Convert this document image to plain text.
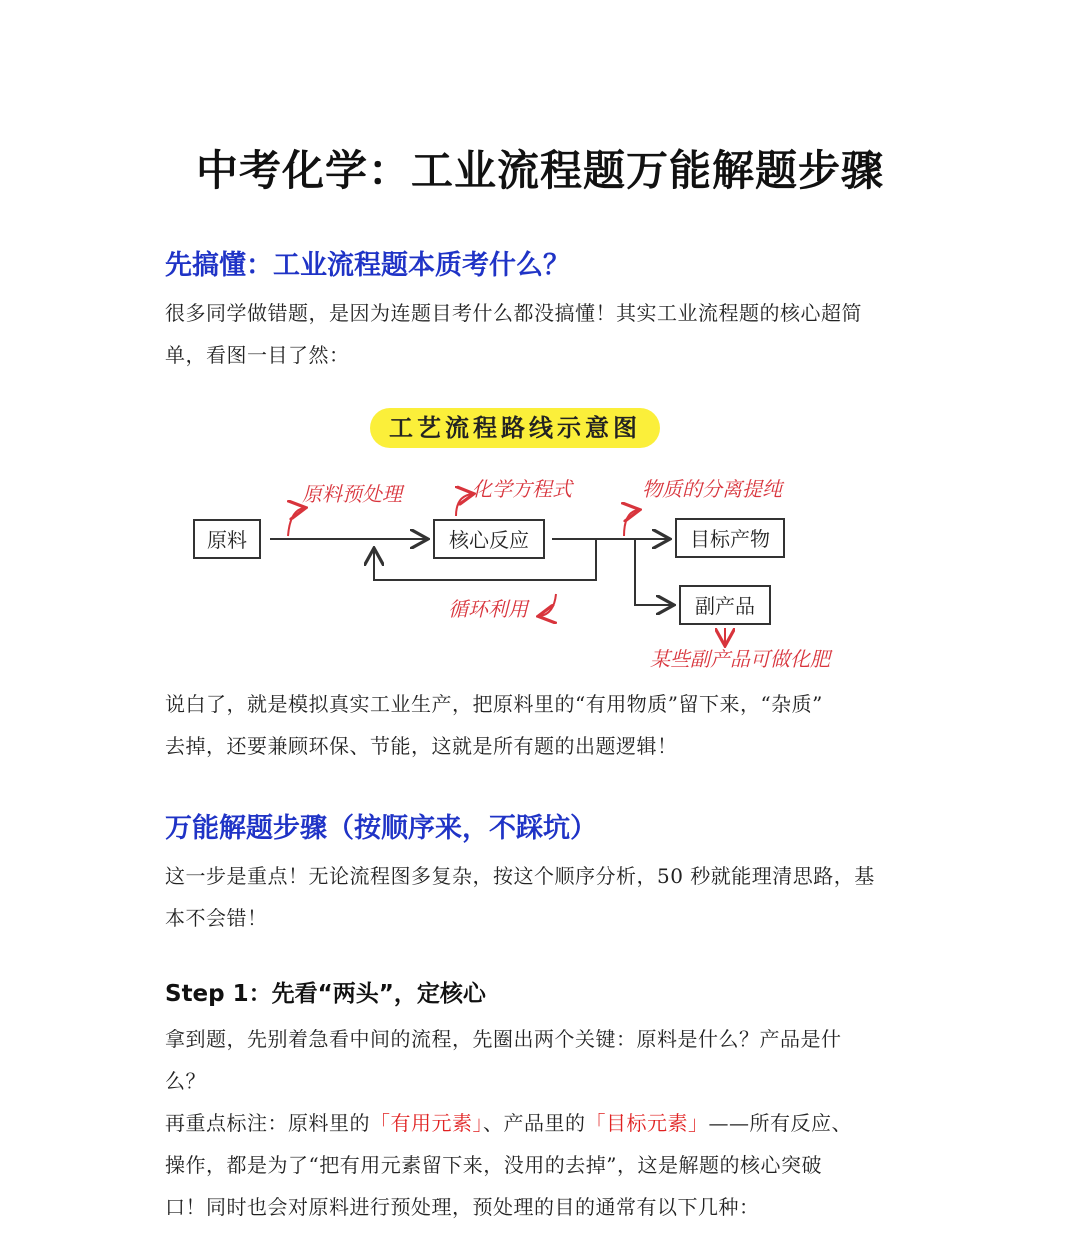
中考化学：工业流程题万能解题步骤
先搞懂：工业流程题本质考什么？
很多同学做错题，是因为连题目考什么都没搞懂！其实工业流程题的核心超简
单，看图一目了然：
工艺流程路线示意图
原料	核心反应	目标产物
副产品
原料预处理	化学方程式	物质的分离提纯
循环利用
某些副产品可做化肥
说白了，就是模拟真实工业生产，把原料里的“有用物质”留下来，“杂质”
去掉，还要兼顾环保、节能，这就是所有题的出题逻辑！
万能解题步骤（按顺序来，不踩坑）
这一步是重点！无论流程图多复杂，按这个顺序分析，50 秒就能理清思路，基
本不会错！
Step 1：先看“两头”，定核心
拿到题，先别着急看中间的流程，先圈出两个关键：原料是什么？产品是什
么？
再重点标注：原料里的「有用元素」、产品里的「目标元素」——所有反应、
操作，都是为了“把有用元素留下来，没用的去掉”，这是解题的核心突破
口！同时也会对原料进行预处理，预处理的目的通常有以下几种：
